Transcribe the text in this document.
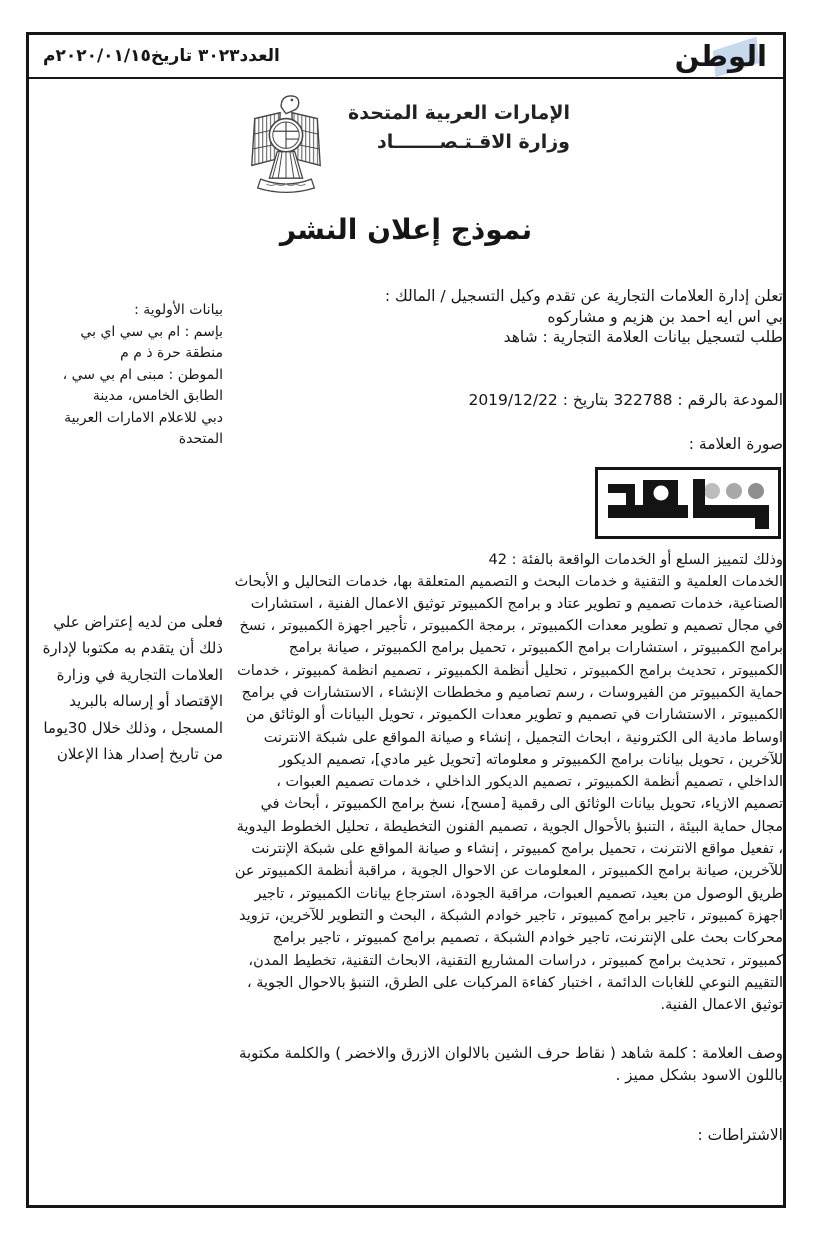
الوطن
العدد٣٠٢٣ تاريخ٢٠٢٠/٠١/١٥م
الإمارات العربية المتحدة
وزارة الاقـتـصـــــــاد
نموذج إعلان النشر

تعلن إدارة العلامات التجارية عن تقدم وكيل التسجيل / المالك :

بي اس ايه احمد بن هزيم و مشاركوه

طلب لتسجيل بيانات العلامة التجارية : شاهد

المودعة بالرقم : 322788 بتاريخ : 2019/12/22

صورة العلامة :

وذلك لتمييز السلع أو الخدمات الواقعة بالفئة : 42

الخدمات العلمية و التقنية و خدمات البحث و التصميم المتعلقة بها، خدمات التحاليل و الأبحاث الصناعية، خدمات تصميم و تطوير عتاد و برامج الكمبيوتر توثيق الاعمال الفنية ، استشارات في مجال تصميم و تطوير معدات الكمبيوتر ، برمجة الكمبيوتر ، تأجير اجهزة الكمبيوتر ، نسخ برامج الكمبيوتر ، استشارات برامج الكمبيوتر ، تحميل برامج الكمبيوتر ، صيانة برامج الكمبيوتر ، تحديث برامج الكمبيوتر ، تحليل أنظمة الكمبيوتر ، تصميم انظمة كمبيوتر ، خدمات حماية الكمبيوتر من الفيروسات ، رسم تصاميم و مخططات الإنشاء ، الاستشارات في برامج الكمبيوتر ، الاستشارات في تصميم و تطوير معدات الكميوتر ، تحويل البيانات أو الوثائق من اوساط مادية الى الكترونية ، ابحاث التجميل ، إنشاء و صيانة المواقع على شبكة الانترنت للآخرين ، تحويل بيانات برامج الكمبيوتر و معلوماته [تحويل غير مادي]، تصميم الديكور الداخلي ، تصميم أنظمة الكمبيوتر ، تصميم الديكور الداخلي ، خدمات تصميم العبوات ، تصميم الازياء، تحويل بيانات الوثائق الى رقمية [مسح]، نسخ برامج الكمبيوتر ، أبحاث في مجال حماية البيئة ، التنبؤ بالأحوال الجوية ، تصميم الفنون التخطيطة ، تحليل الخطوط اليدوية ، تفعيل مواقع الانترنت ، تحميل برامج كمبيوتر ، إنشاء و صيانة المواقع على شبكة الإنترنت للآخرين، صيانة برامج الكمبيوتر ، المعلومات عن الاحوال الجوية ، مراقبة أنظمة الكمبيوتر عن طريق الوصول من بعيد، تصميم العبوات، مراقبة الجودة، استرجاع بيانات الكمبيوتر ، تاجير اجهزة كمبيوتر ، تاجير برامج كمبيوتر ، تاجير خوادم الشبكة ، البحث و التطوير للآخرين، تزويد محركات بحث على الإنترنت، تاجير خوادم الشبكة ، تصميم برامج كمبيوتر ، تاجير برامج كمبيوتر ، تحديث برامج كمبيوتر ، دراسات المشاريع التقنية، الابحاث التقنية، تخطيط المدن، التقييم النوعي للغابات الدائمة ، اختبار كفاءة المركبات على الطرق، التنبؤ بالاحوال الجوية ، توثيق الاعمال الفنية.

وصف العلامة : كلمة شاهد ( نقاط حرف الشين بالالوان الازرق والاخضر ) والكلمة مكتوبة باللون الاسود بشكل مميز .

الاشتراطات :

بيانات الأولوية :

بإسم : ام بي سي اي بي منطقة حرة ذ م م

الموطن : مبنى ام بي سي ، الطابق الخامس، مدينة

دبي للاعلام الامارات العربية المتحدة

فعلى من لديه إعتراض علي ذلك أن يتقدم به مكتوبا لإدارة العلامات التجارية في وزارة الإقتصاد أو إرساله بالبريد المسجل ، وذلك خلال 30يوما من تاريخ إصدار هذا الإعلان
